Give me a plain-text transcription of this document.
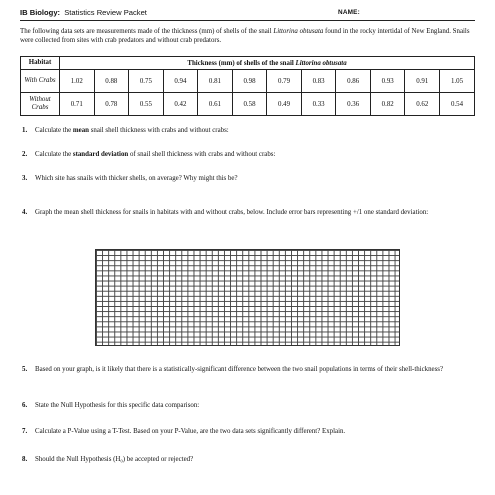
IB Biology: Statistics Review Packet	NAME:

The following data sets are measurements made of the thickness (mm) of shells of the snail Littorina obtusata found in the rocky intertidal of New England. Snails were collected from sites with crab predators and without crab predators.

Habitat	Thickness (mm) of shells of the snail Littorina obtusata											
With Crabs	1.02	0.88	0.75	0.94	0.81	0.98	0.79	0.83	0.86	0.93	0.91	1.05
Without Crabs	0.71	0.78	0.55	0.42	0.61	0.58	0.49	0.33	0.36	0.82	0.62	0.54
1. Calculate the mean snail shell thickness with crabs and without crabs:
2. Calculate the standard deviation of snail shell thickness with crabs and without crabs:
3. Which site has snails with thicker shells, on average? Why might this be?
4. Graph the mean shell thickness for snails in habitats with and without crabs, below. Include error bars representing +/1 one standard deviation:
5. Based on your graph, is it likely that there is a statistically-significant difference between the two snail populations in terms of their shell-thickness?
6. State the Null Hypothesis for this specific data comparison:
7. Calculate a P-Value using a T-Test. Based on your P-Value, are the two data sets significantly different? Explain.
8. Should the Null Hypothesis (H₀) be accepted or rejected?
